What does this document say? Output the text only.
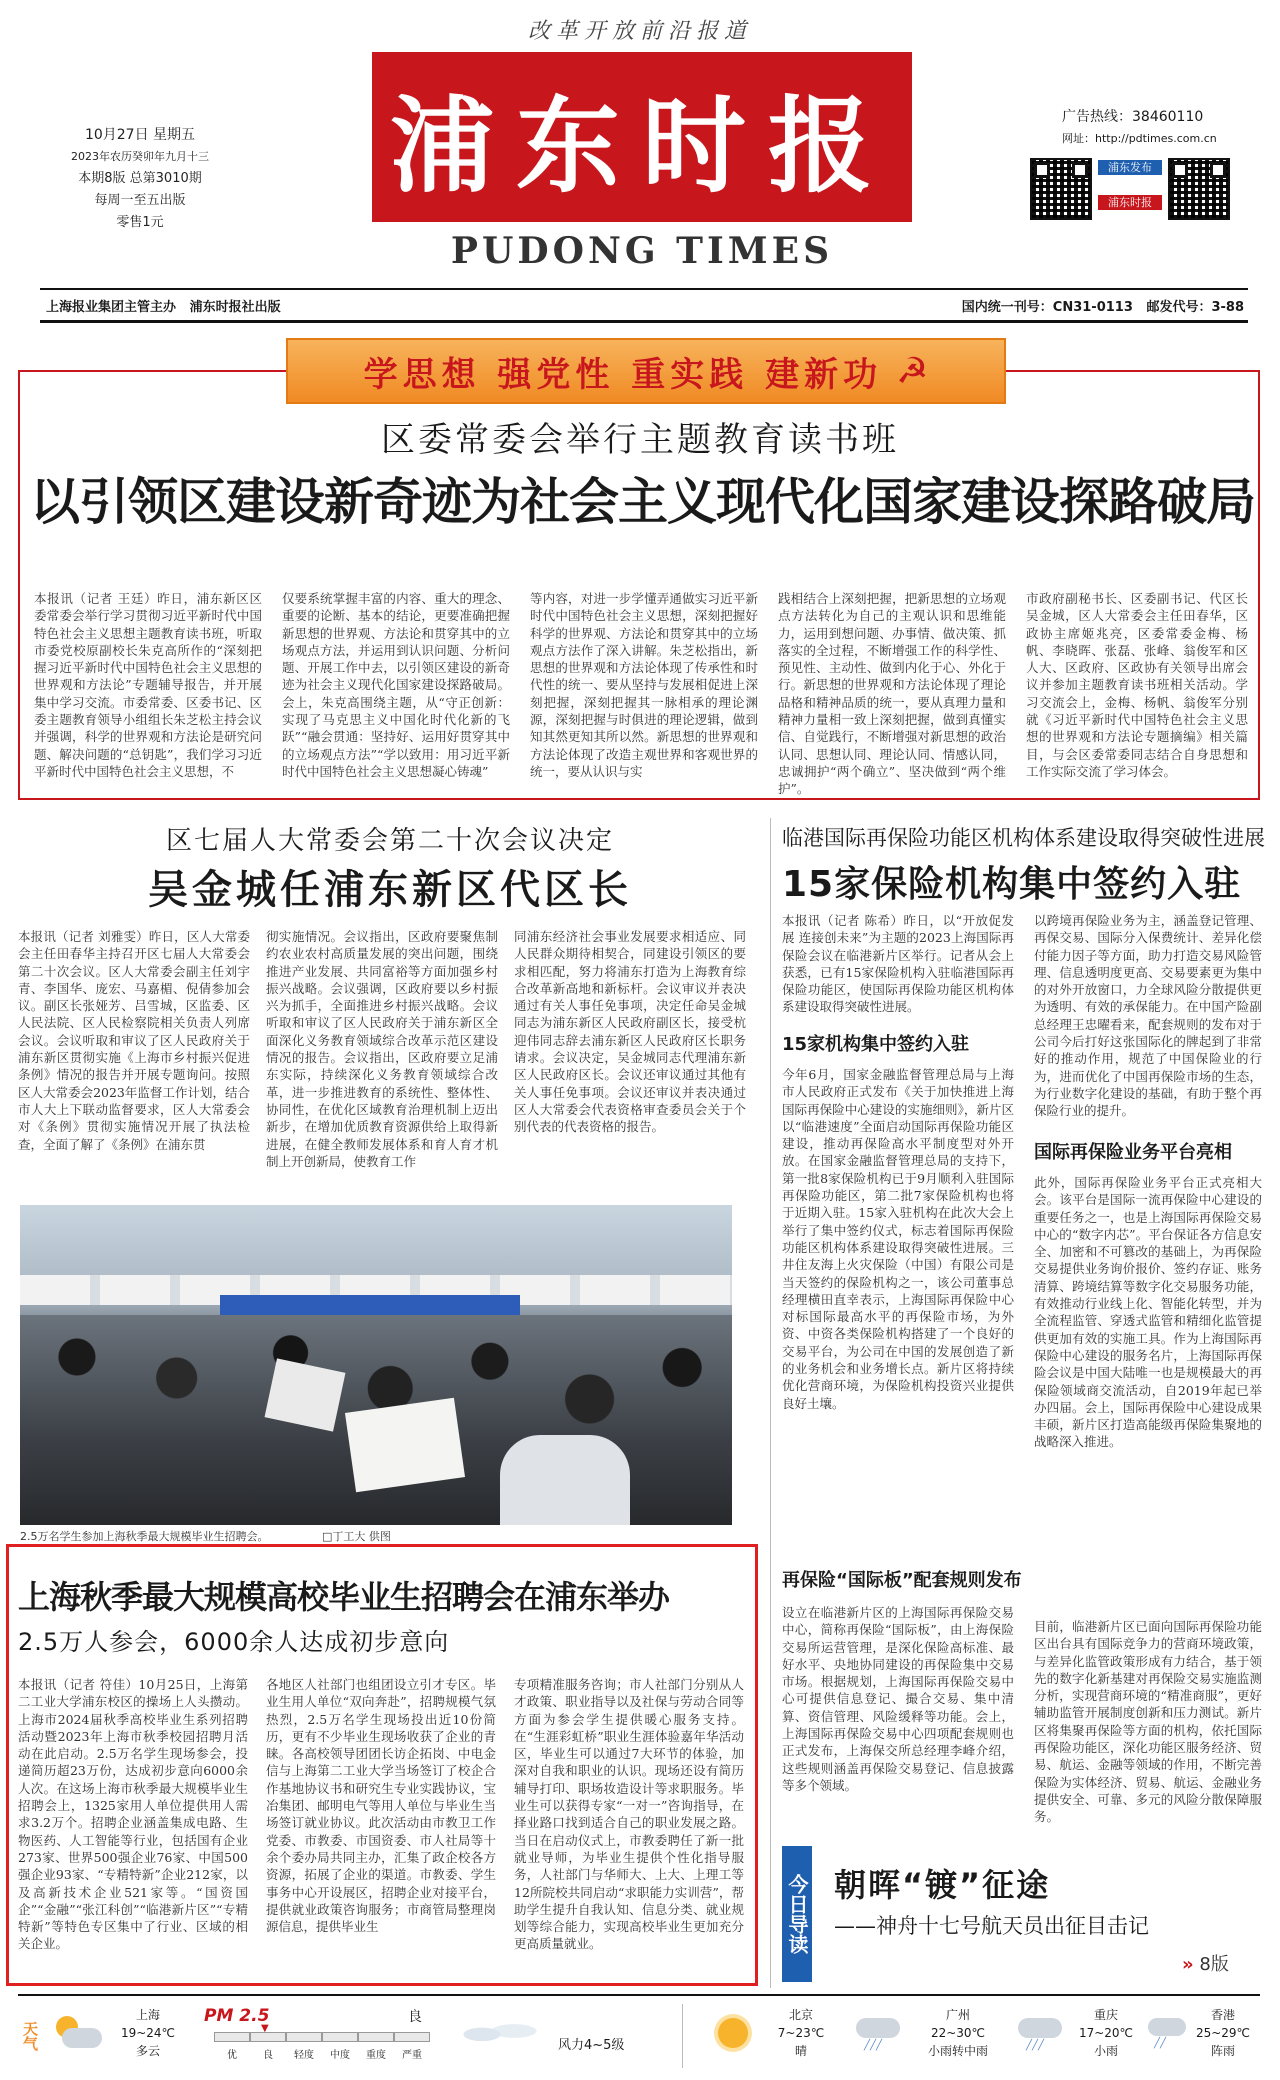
改革开放前沿报道
浦东时报
PUDONG TIMES
10月27日 星期五
2023年农历癸卯年九月十三
本期8版 总第3010期
每周一至五出版
零售1元
广告热线：38460110
网址：http://pdtimes.com.cn
浦东发布
浦东时报
上海报业集团主管主办   浦东时报社出版	国内统一刊号：CN31-0113   邮发代号：3-88
学思想 强党性 重实践 建新功 ☭
区委常委会举行主题教育读书班
以引领区建设新奇迹为社会主义现代化国家建设探路破局
本报讯（记者 王廷）昨日，浦东新区区委常委会举行学习贯彻习近平新时代中国特色社会主义思想主题教育读书班，听取市委党校原副校长朱克高所作的“深刻把握习近平新时代中国特色社会主义思想的世界观和方法论”专题辅导报告，并开展集中学习交流。市委常委、区委书记、区委主题教育领导小组组长朱芝松主持会议并强调，科学的世界观和方法论是研究问题、解决问题的“总钥匙”，我们学习习近平新时代中国特色社会主义思想，不
仅要系统掌握丰富的内容、重大的理念、重要的论断、基本的结论，更要准确把握新思想的世界观、方法论和贯穿其中的立场观点方法，并运用到认识问题、分析问题、开展工作中去，以引领区建设的新奇迹为社会主义现代化国家建设探路破局。会上，朱克高围绕主题，从“守正创新：实现了马克思主义中国化时代化新的飞跃”“融会贯通：坚持好、运用好贯穿其中的立场观点方法”“学以致用：用习近平新时代中国特色社会主义思想凝心铸魂”
等内容，对进一步学懂弄通做实习近平新时代中国特色社会主义思想，深刻把握好科学的世界观、方法论和贯穿其中的立场观点方法作了深入讲解。朱芝松指出，新思想的世界观和方法论体现了传承性和时代性的统一、要从坚持与发展相促进上深刻把握，深刻把握其一脉相承的理论渊源，深刻把握与时俱进的理论逻辑，做到知其然更知其所以然。新思想的世界观和方法论体现了改造主观世界和客观世界的统一，要从认识与实
践相结合上深刻把握，把新思想的立场观点方法转化为自己的主观认识和思维能力，运用到想问题、办事情、做决策、抓落实的全过程，不断增强工作的科学性、预见性、主动性、做到内化于心、外化于行。新思想的世界观和方法论体现了理论品格和精神品质的统一，要从真理力量和精神力量相一致上深刻把握，做到真懂实信、自觉践行，不断增强对新思想的政治认同、思想认同、理论认同、情感认同，忠诚拥护“两个确立”、坚决做到“两个维护”。
市政府副秘书长、区委副书记、代区长吴金城，区人大常委会主任田春华，区政协主席姬兆亮，区委常委金梅、杨帆、李晓晖、张磊、张峰、翁俊军和区人大、区政府、区政协有关领导出席会议并参加主题教育读书班相关活动。学习交流会上，金梅、杨帆、翁俊军分别就《习近平新时代中国特色社会主义思想的世界观和方法论专题摘编》相关篇目，与会区委常委同志结合自身思想和工作实际交流了学习体会。
区七届人大常委会第二十次会议决定
吴金城任浦东新区代区长
本报讯（记者 刘雅雯）昨日，区人大常委会主任田春华主持召开区七届人大常委会第二十次会议。区人大常委会副主任刘宇青、李国华、庞宏、马嘉楣、倪倩参加会议。副区长张娅芳、吕雪城，区监委、区人民法院、区人民检察院相关负责人列席会议。会议听取和审议了区人民政府关于浦东新区贯彻实施《上海市乡村振兴促进条例》情况的报告并开展专题询问。按照区人大常委会2023年监督工作计划，结合市人大上下联动监督要求，区人大常委会对《条例》贯彻实施情况开展了执法检查，全面了解了《条例》在浦东贯
彻实施情况。会议指出，区政府要聚焦制约农业农村高质量发展的突出问题，围绕推进产业发展、共同富裕等方面加强乡村振兴战略。会议强调，区政府要以乡村振兴为抓手，全面推进乡村振兴战略。会议听取和审议了区人民政府关于浦东新区全面深化义务教育领域综合改革示范区建设情况的报告。会议指出，区政府要立足浦东实际，持续深化义务教育领域综合改革，进一步推进教育的系统性、整体性、协同性，在优化区域教育治理机制上迈出新步，在增加优质教育资源供给上取得新进展，在健全教师发展体系和育人育才机制上开创新局，使教育工作
同浦东经济社会事业发展要求相适应、同人民群众期待相契合，同建设引领区的要求相匹配，努力将浦东打造为上海教育综合改革新高地和新标杆。会议审议并表决通过有关人事任免事项，决定任命吴金城同志为浦东新区人民政府副区长，接受杭迎伟同志辞去浦东新区人民政府区长职务请求。会议决定，吴金城同志代理浦东新区人民政府区长。会议还审议通过其他有关人事任免事项。会议还审议并表决通过区人大常委会代表资格审查委员会关于个别代表的代表资格的报告。
2.5万名学生参加上海秋季最大规模毕业生招聘会。	□丁工大 供图
上海秋季最大规模高校毕业生招聘会在浦东举办
2.5万人参会，6000余人达成初步意向
本报讯（记者 符佳）10月25日，上海第二工业大学浦东校区的操场上人头攒动。上海市2024届秋季高校毕业生系列招聘活动暨2023年上海市秋季校园招聘月活动在此启动。2.5万名学生现场参会，投递简历超23万份，达成初步意向6000余人次。在这场上海市秋季最大规模毕业生招聘会上，1325家用人单位提供用人需求3.2万个。招聘企业涵盖集成电路、生物医药、人工智能等行业，包括国有企业273家、世界500强企业76家、中国500强企业93家、“专精特新”企业212家，以及高新技术企业521家等。“国资国企”“金融”“张江科创”“临港新片区”“专精特新”等特色专区集中了行业、区域的相关企业。
各地区人社部门也组团设立引才专区。毕业生用人单位“双向奔赴”，招聘规模气氛热烈，2.5万名学生现场投出近10份简历，更有不少毕业生现场收获了企业的青睐。各高校领导团团长访企拓岗、中电金信与上海第二工业大学当场签订了校企合作基地协议书和研究生专业实践协议，宝冶集团、邮明电气等用人单位与毕业生当场签订就业协议。此次活动由市教卫工作党委、市教委、市国资委、市人社局等十余个委办局共同主办，汇集了政企校各方资源，拓展了企业的渠道。市教委、学生事务中心开设展区，招聘企业对接平台，提供就业政策咨询服务；市商管局整理岗源信息，提供毕业生
专项精准服务咨询；市人社部门分别从人才政策、职业指导以及社保与劳动合同等方面为参会学生提供暖心服务支持。在“生涯彩虹桥”职业生涯体验嘉年华活动区，毕业生可以通过7大环节的体验，加深对自我和职业的认识。现场还设有简历辅导打印、职场妆造设计等求职服务。毕业生可以获得专家“一对一”咨询指导，在择业路口找到适合自己的职业发展之路。当日在启动仪式上，市教委聘任了新一批就业导师，为毕业生提供个性化指导服务，人社部门与华师大、上大、上理工等12所院校共同启动“求职能力实训营”，帮助学生提升自我认知、信息分类、就业规划等综合能力，实现高校毕业生更加充分更高质量就业。
临港国际再保险功能区机构体系建设取得突破性进展
15家保险机构集中签约入驻
本报讯（记者 陈希）昨日，以“开放促发展 连接创未来”为主题的2023上海国际再保险会议在临港新片区举行。记者从会上获悉，已有15家保险机构入驻临港国际再保险功能区，使国际再保险功能区机构体系建设取得突破性进展。
15家机构集中签约入驻
今年6月，国家金融监督管理总局与上海市人民政府正式发布《关于加快推进上海国际再保险中心建设的实施细则》，新片区以“临港速度”全面启动国际再保险功能区建设，推动再保险高水平制度型对外开放。在国家金融监督管理总局的支持下，第一批8家保险机构已于9月顺利入驻国际再保险功能区，第二批7家保险机构也将于近期入驻。15家入驻机构在此次大会上举行了集中签约仪式，标志着国际再保险功能区机构体系建设取得突破性进展。三井住友海上火灾保险（中国）有限公司是当天签约的保险机构之一，该公司董事总经理横田直幸表示，上海国际再保险中心对标国际最高水平的再保险市场，为外资、中资各类保险机构搭建了一个良好的交易平台，为公司在中国的发展创造了新的业务机会和业务增长点。新片区将持续优化营商环境，为保险机构投资兴业提供良好土壤。
再保险“国际板”配套规则发布
设立在临港新片区的上海国际再保险交易中心，简称再保险“国际板”，由上海保险交易所运营管理，是深化保险高标准、最好水平、央地协同建设的再保险集中交易市场。根据规划，上海国际再保险交易中心可提供信息登记、撮合交易、集中清算、资信管理、风险缓释等功能。会上，上海国际再保险交易中心四项配套规则也正式发布，上海保交所总经理李峰介绍，这些规则涵盖再保险交易登记、信息披露等多个领域。
以跨境再保险业务为主，涵盖登记管理、再保交易、国际分入保费统计、差异化偿付能力因子等方面，助力打造交易风险管理、信息透明度更高、交易要素更为集中的对外开放窗口，力全球风险分散提供更为透明、有效的承保能力。在中国产险副总经理王忠曜看来，配套规则的发布对于公司今后打好这张国际化的牌起到了非常好的推动作用，规范了中国保险业的行为，进而优化了中国再保险市场的生态，为行业数字化建设的基础，有助于整个再保险行业的提升。
国际再保险业务平台亮相
此外，国际再保险业务平台正式亮相大会。该平台是国际一流再保险中心建设的重要任务之一，也是上海国际再保险交易中心的“数字内芯”。平台保证各方信息安全、加密和不可篡改的基础上，为再保险交易提供业务询价报价、签约存证、账务清算、跨境结算等数字化交易服务功能，有效推动行业线上化、智能化转型，并为全流程监管、穿透式监管和精细化监管提供更加有效的实施工具。作为上海国际再保险中心建设的服务名片，上海国际再保险会议是中国大陆唯一也是规模最大的再保险领域商交流活动，自2019年起已举办四届。会上，国际再保险中心建设成果丰硕，新片区打造高能级再保险集聚地的战略深入推进。
目前，临港新片区已面向国际再保险功能区出台具有国际竞争力的营商环境政策，与差异化监管政策形成有力结合，基于领先的数字化新基建对再保险交易实施监测分析，实现营商环境的“精准商服”，更好辅助监管开展制度创新和压力测试。新片区将集聚再保险等方面的机构，依托国际再保险功能区，深化功能区服务经济、贸易、航运、金融等领域的作用，不断完善保险为实体经济、贸易、航运、金融业务提供安全、可靠、多元的风险分散保障服务。
今日导读 朝晖“镀”征途
——神舟十七号航天员出征目击记
» 8版
天气
上海
19~24℃
多云
PM 2.5	良
▼
优	良	轻度	中度	重度	严重
风力4~5级
北京
7~23℃
晴	╱╱╱
广州
22~30℃
小雨转中雨	╱╱╱
重庆
17~20℃
小雨
╱╱
香港
25~29℃
阵雨
